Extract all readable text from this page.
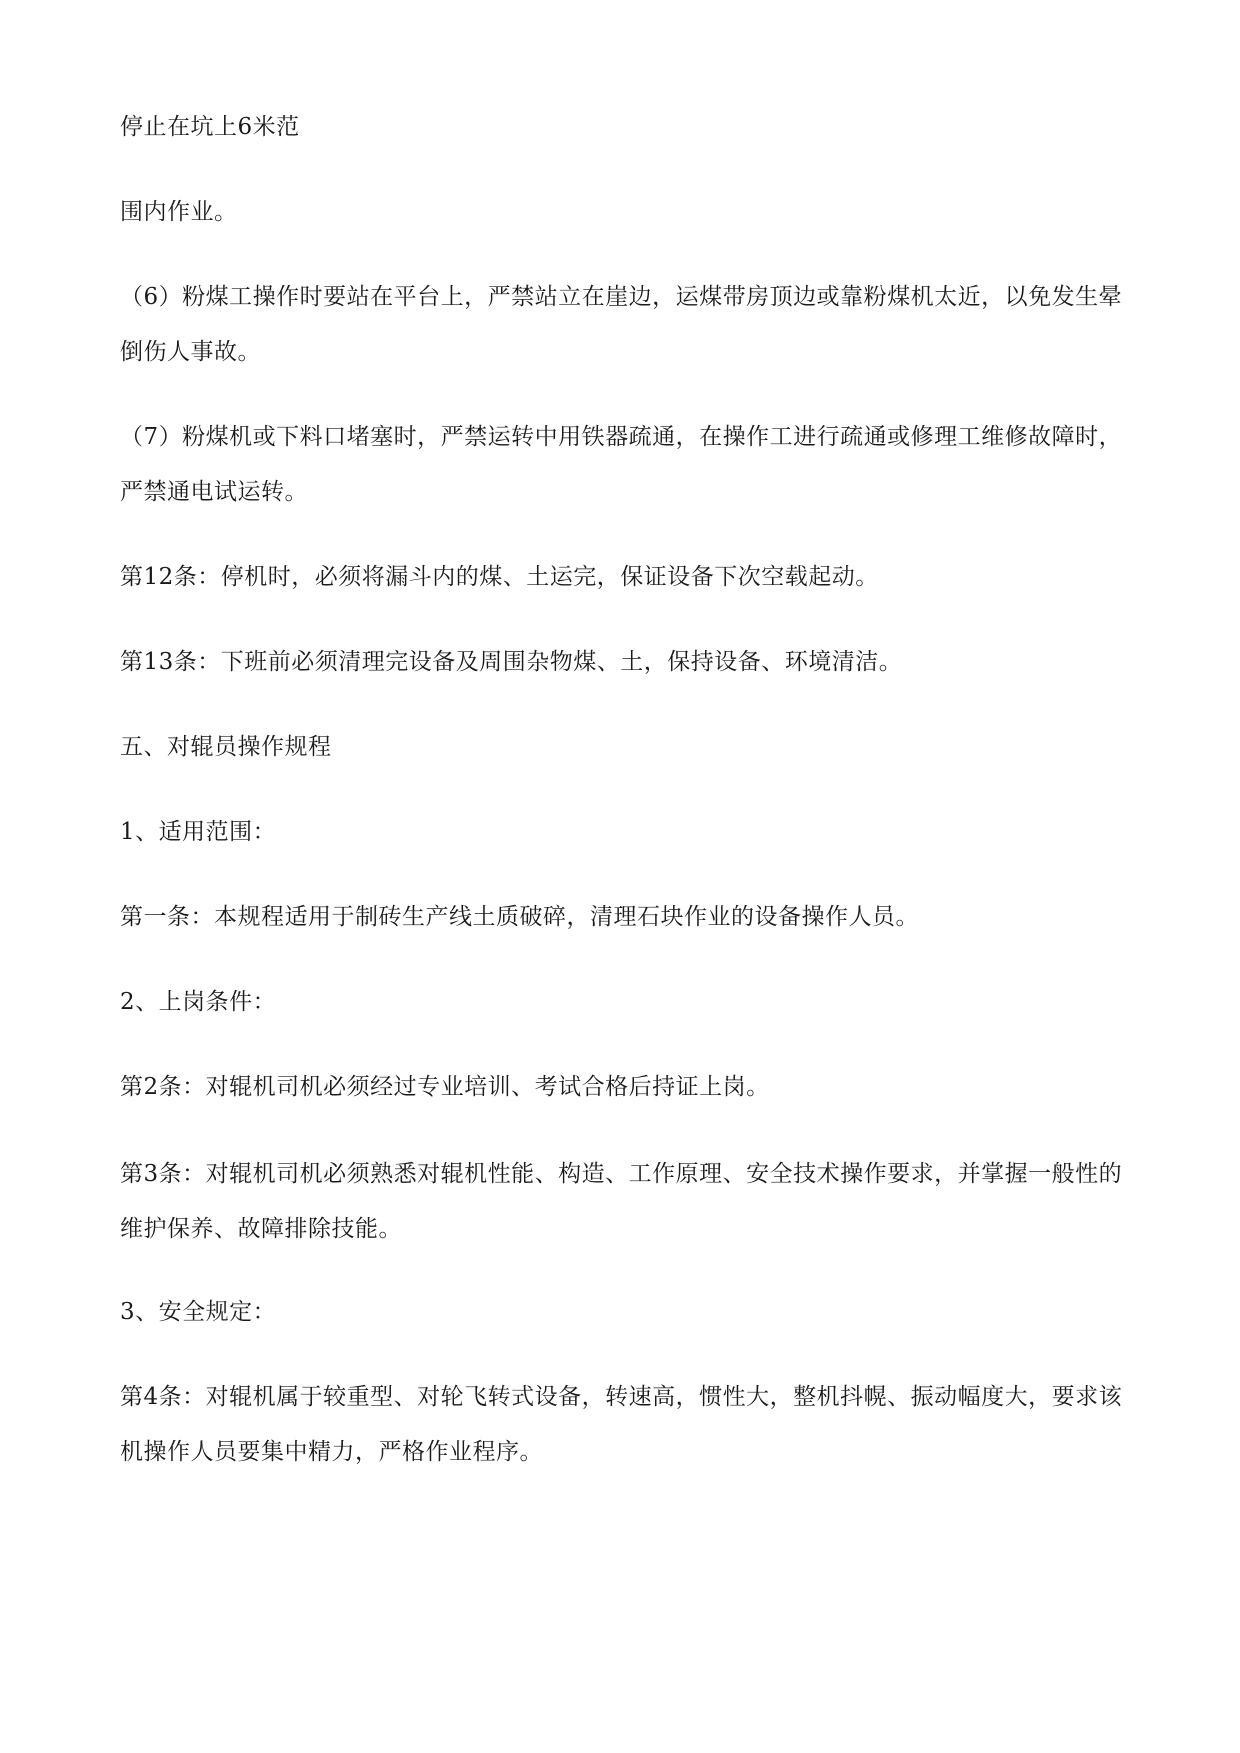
停止在坑上6米范

围内作业。

（6）粉煤工操作时要站在平台上，严禁站立在崖边，运煤带房顶边或靠粉煤机太近，以免发生晕倒伤人事故。

（7）粉煤机或下料口堵塞时，严禁运转中用铁器疏通，在操作工进行疏通或修理工维修故障时，严禁通电试运转。

第12条：停机时，必须将漏斗内的煤、土运完，保证设备下次空载起动。

第13条：下班前必须清理完设备及周围杂物煤、土，保持设备、环境清洁。

五、对辊员操作规程

1、适用范围：

第一条：本规程适用于制砖生产线土质破碎，清理石块作业的设备操作人员。

2、上岗条件：

第2条：对辊机司机必须经过专业培训、考试合格后持证上岗。

第3条：对辊机司机必须熟悉对辊机性能、构造、工作原理、安全技术操作要求，并掌握一般性的维护保养、故障排除技能。

3、安全规定：

第4条：对辊机属于较重型、对轮飞转式设备，转速高，惯性大，整机抖幌、振动幅度大，要求该机操作人员要集中精力，严格作业程序。
